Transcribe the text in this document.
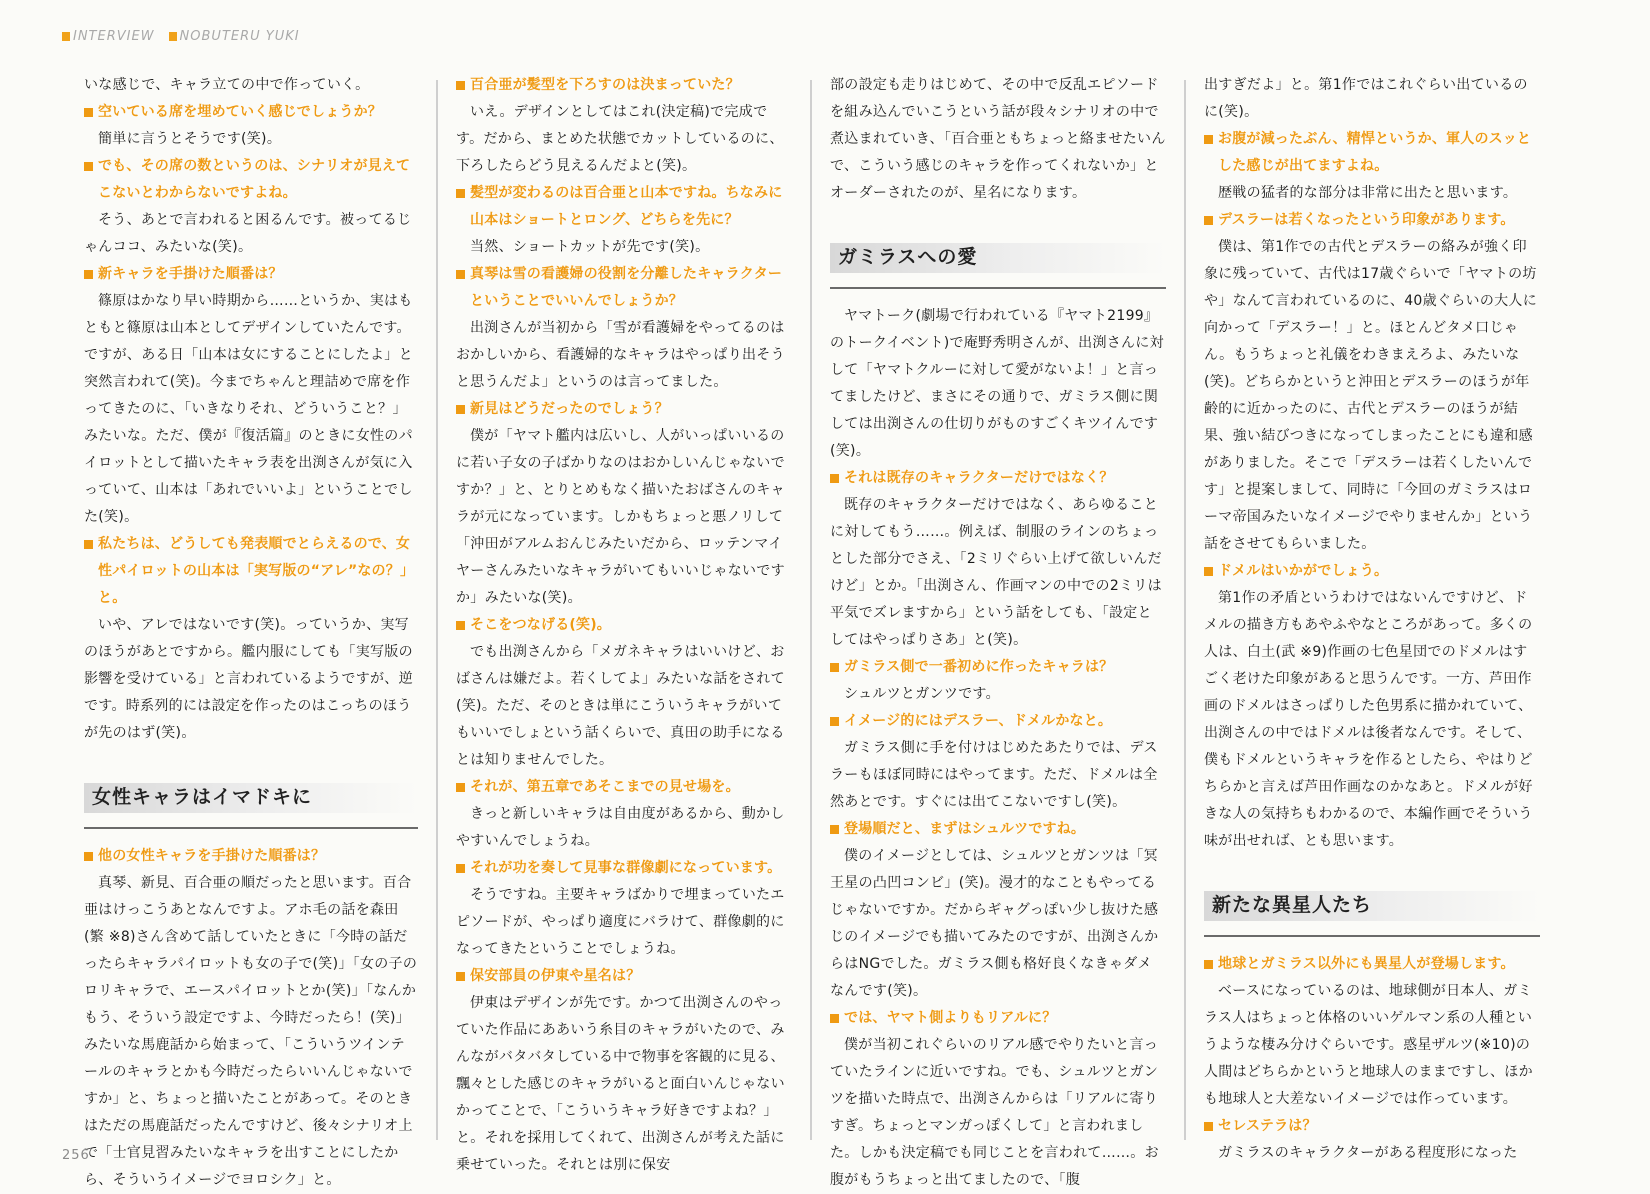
INTERVIEW NOBUTERU YUKI

いな感じで、キャラ立ての中で作っていく。

空いている席を埋めていく感じでしょうか？

簡単に言うとそうです(笑)。

でも、その席の数というのは、シナリオが見えてこないとわからないですよね。

そう、あとで言われると困るんです。被ってるじゃんココ、みたいな(笑)。

新キャラを手掛けた順番は？

篠原はかなり早い時期から……というか、実はもともと篠原は山本としてデザインしていたんです。ですが、ある日「山本は女にすることにしたよ」と突然言われて(笑)。今までちゃんと理詰めで席を作ってきたのに、「いきなりそれ、どういうこと？」みたいな。ただ、僕が『復活篇』のときに女性のパイロットとして描いたキャラ表を出渕さんが気に入っていて、山本は「あれでいいよ」ということでした(笑)。

私たちは、どうしても発表順でとらえるので、女性パイロットの山本は「実写版の“アレ”なの？」と。

いや、アレではないです(笑)。っていうか、実写のほうがあとですから。艦内服にしても「実写版の影響を受けている」と言われているようですが、逆です。時系列的には設定を作ったのはこっちのほうが先のはず(笑)。

女性キャラはイマドキに

他の女性キャラを手掛けた順番は？

真琴、新見、百合亜の順だったと思います。百合亜はけっこうあとなんですよ。アホ毛の話を森田(繁 ※8)さん含めて話していたときに「今時の話だったらキャラパイロットも女の子で(笑)」「女の子のロリキャラで、エースパイロットとか(笑)」「なんかもう、そういう設定ですよ、今時だったら！(笑)」みたいな馬鹿話から始まって、「こういうツインテールのキャラとかも今時だったらいいんじゃないですか」と、ちょっと描いたことがあって。そのときはただの馬鹿話だったんですけど、後々シナリオ上で「士官見習みたいなキャラを出すことにしたから、そういうイメージでヨロシク」と。

百合亜が髪型を下ろすのは決まっていた？

いえ。デザインとしてはこれ(決定稿)で完成です。だから、まとめた状態でカットしているのに、下ろしたらどう見えるんだよと(笑)。

髪型が変わるのは百合亜と山本ですね。ちなみに山本はショートとロング、どちらを先に？

当然、ショートカットが先です(笑)。

真琴は雪の看護婦の役割を分離したキャラクターということでいいんでしょうか？

出渕さんが当初から「雪が看護婦をやってるのはおかしいから、看護婦的なキャラはやっぱり出そうと思うんだよ」というのは言ってました。

新見はどうだったのでしょう？

僕が「ヤマト艦内は広いし、人がいっぱいいるのに若い子女の子ばかりなのはおかしいんじゃないですか？」と、とりとめもなく描いたおばさんのキャラが元になっています。しかもちょっと悪ノリして「沖田がアルムおんじみたいだから、ロッテンマイヤーさんみたいなキャラがいてもいいじゃないですか」みたいな(笑)。

そこをつなげる(笑)。

でも出渕さんから「メガネキャラはいいけど、おばさんは嫌だよ。若くしてよ」みたいな話をされて(笑)。ただ、そのときは単にこういうキャラがいてもいいでしょという話くらいで、真田の助手になるとは知りませんでした。

それが、第五章であそこまでの見せ場を。

きっと新しいキャラは自由度があるから、動かしやすいんでしょうね。

それが功を奏して見事な群像劇になっています。

そうですね。主要キャラばかりで埋まっていたエピソードが、やっぱり適度にバラけて、群像劇的になってきたということでしょうね。

保安部員の伊東や星名は？

伊東はデザインが先です。かつて出渕さんのやっていた作品にああいう糸目のキャラがいたので、みんながバタバタしている中で物事を客観的に見る、飄々とした感じのキャラがいると面白いんじゃないかってことで、「こういうキャラ好きですよね？」と。それを採用してくれて、出渕さんが考えた話に乗せていった。それとは別に保安

部の設定も走りはじめて、その中で反乱エピソードを組み込んでいこうという話が段々シナリオの中で煮込まれていき、「百合亜ともちょっと絡ませたいんで、こういう感じのキャラを作ってくれないか」とオーダーされたのが、星名になります。

ガミラスへの愛

ヤマトーク(劇場で行われている『ヤマト2199』のトークイベント)で庵野秀明さんが、出渕さんに対して「ヤマトクルーに対して愛がないよ！」と言ってましたけど、まさにその通りで、ガミラス側に関しては出渕さんの仕切りがものすごくキツイんです(笑)。

それは既存のキャラクターだけではなく？

既存のキャラクターだけではなく、あらゆることに対してもう……。例えば、制服のラインのちょっとした部分でさえ、「2ミリぐらい上げて欲しいんだけど」とか。「出渕さん、作画マンの中での2ミリは平気でズレますから」という話をしても、「設定としてはやっぱりさあ」と(笑)。

ガミラス側で一番初めに作ったキャラは？

シュルツとガンツです。

イメージ的にはデスラー、ドメルかなと。

ガミラス側に手を付けはじめたあたりでは、デスラーもほぼ同時にはやってます。ただ、ドメルは全然あとです。すぐには出てこないですし(笑)。

登場順だと、まずはシュルツですね。

僕のイメージとしては、シュルツとガンツは「冥王星の凸凹コンビ」(笑)。漫才的なこともやってるじゃないですか。だからギャグっぽい少し抜けた感じのイメージでも描いてみたのですが、出渕さんからはNGでした。ガミラス側も格好良くなきゃダメなんです(笑)。

では、ヤマト側よりもリアルに？

僕が当初これぐらいのリアル感でやりたいと言っていたラインに近いですね。でも、シュルツとガンツを描いた時点で、出渕さんからは「リアルに寄りすぎ。ちょっとマンガっぽくして」と言われました。しかも決定稿でも同じことを言われて……。お腹がもうちょっと出てましたので、「腹

出すぎだよ」と。第1作ではこれぐらい出ているのに(笑)。

お腹が減ったぶん、精悍というか、軍人のスッとした感じが出てますよね。

歴戦の猛者的な部分は非常に出たと思います。

デスラーは若くなったという印象があります。

僕は、第1作での古代とデスラーの絡みが強く印象に残っていて、古代は17歳ぐらいで「ヤマトの坊や」なんて言われているのに、40歳ぐらいの大人に向かって「デスラー！」と。ほとんどタメ口じゃん。もうちょっと礼儀をわきまえろよ、みたいな(笑)。どちらかというと沖田とデスラーのほうが年齢的に近かったのに、古代とデスラーのほうが結果、強い結びつきになってしまったことにも違和感がありました。そこで「デスラーは若くしたいんです」と提案しまして、同時に「今回のガミラスはローマ帝国みたいなイメージでやりませんか」という話をさせてもらいました。

ドメルはいかがでしょう。

第1作の矛盾というわけではないんですけど、ドメルの描き方もあやふやなところがあって。多くの人は、白土(武 ※9)作画の七色星団でのドメルはすごく老けた印象があると思うんです。一方、芦田作画のドメルはさっぱりした色男系に描かれていて、出渕さんの中ではドメルは後者なんです。そして、僕もドメルというキャラを作るとしたら、やはりどちらかと言えば芦田作画なのかなあと。ドメルが好きな人の気持ちもわかるので、本編作画でそういう味が出せれば、とも思います。

新たな異星人たち

地球とガミラス以外にも異星人が登場します。

ベースになっているのは、地球側が日本人、ガミラス人はちょっと体格のいいゲルマン系の人種というような棲み分けぐらいです。惑星ザルツ(※10)の人間はどちらかというと地球人のままですし、ほかも地球人と大差ないイメージでは作っています。

セレステラは？

ガミラスのキャラクターがある程度形になった

256
